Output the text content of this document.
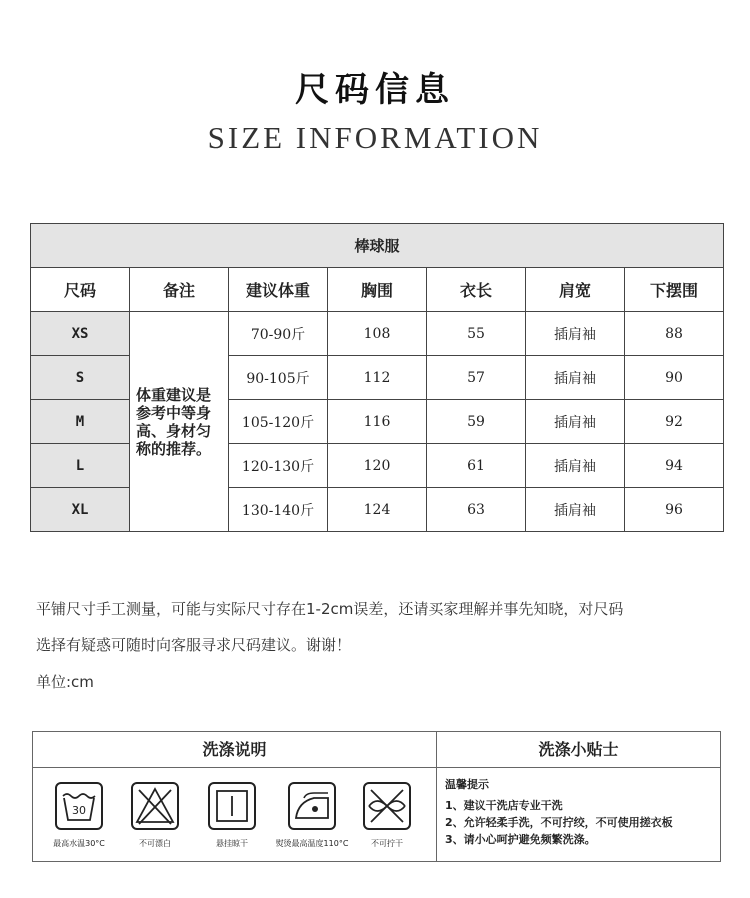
尺码信息
SIZE INFORMATION
棒球服						
尺码	备注	建议体重	胸围	衣长	肩宽	下摆围
XS	体重建议是参考中等身高、身材匀称的推荐。	70-90斤	108	55	插肩袖	88
S		90-105斤	112	57	插肩袖	90
M		105-120斤	116	59	插肩袖	92
L		120-130斤	120	61	插肩袖	94
XL		130-140斤	124	63	插肩袖	96
平铺尺寸手工测量，可能与实际尺寸存在1-2cm误差，还请买家理解并事先知晓，对尺码
选择有疑惑可随时向客服寻求尺码建议。谢谢！
单位:cm
洗涤说明	洗涤小贴士
30
最高水温30°C	不可漂白	悬挂晾干	熨烫最高温度110°C	不可拧干
温馨提示
1、建议干洗店专业干洗
2、允许轻柔手洗，不可拧绞，不可使用搓衣板
3、请小心呵护避免频繁洗涤。
